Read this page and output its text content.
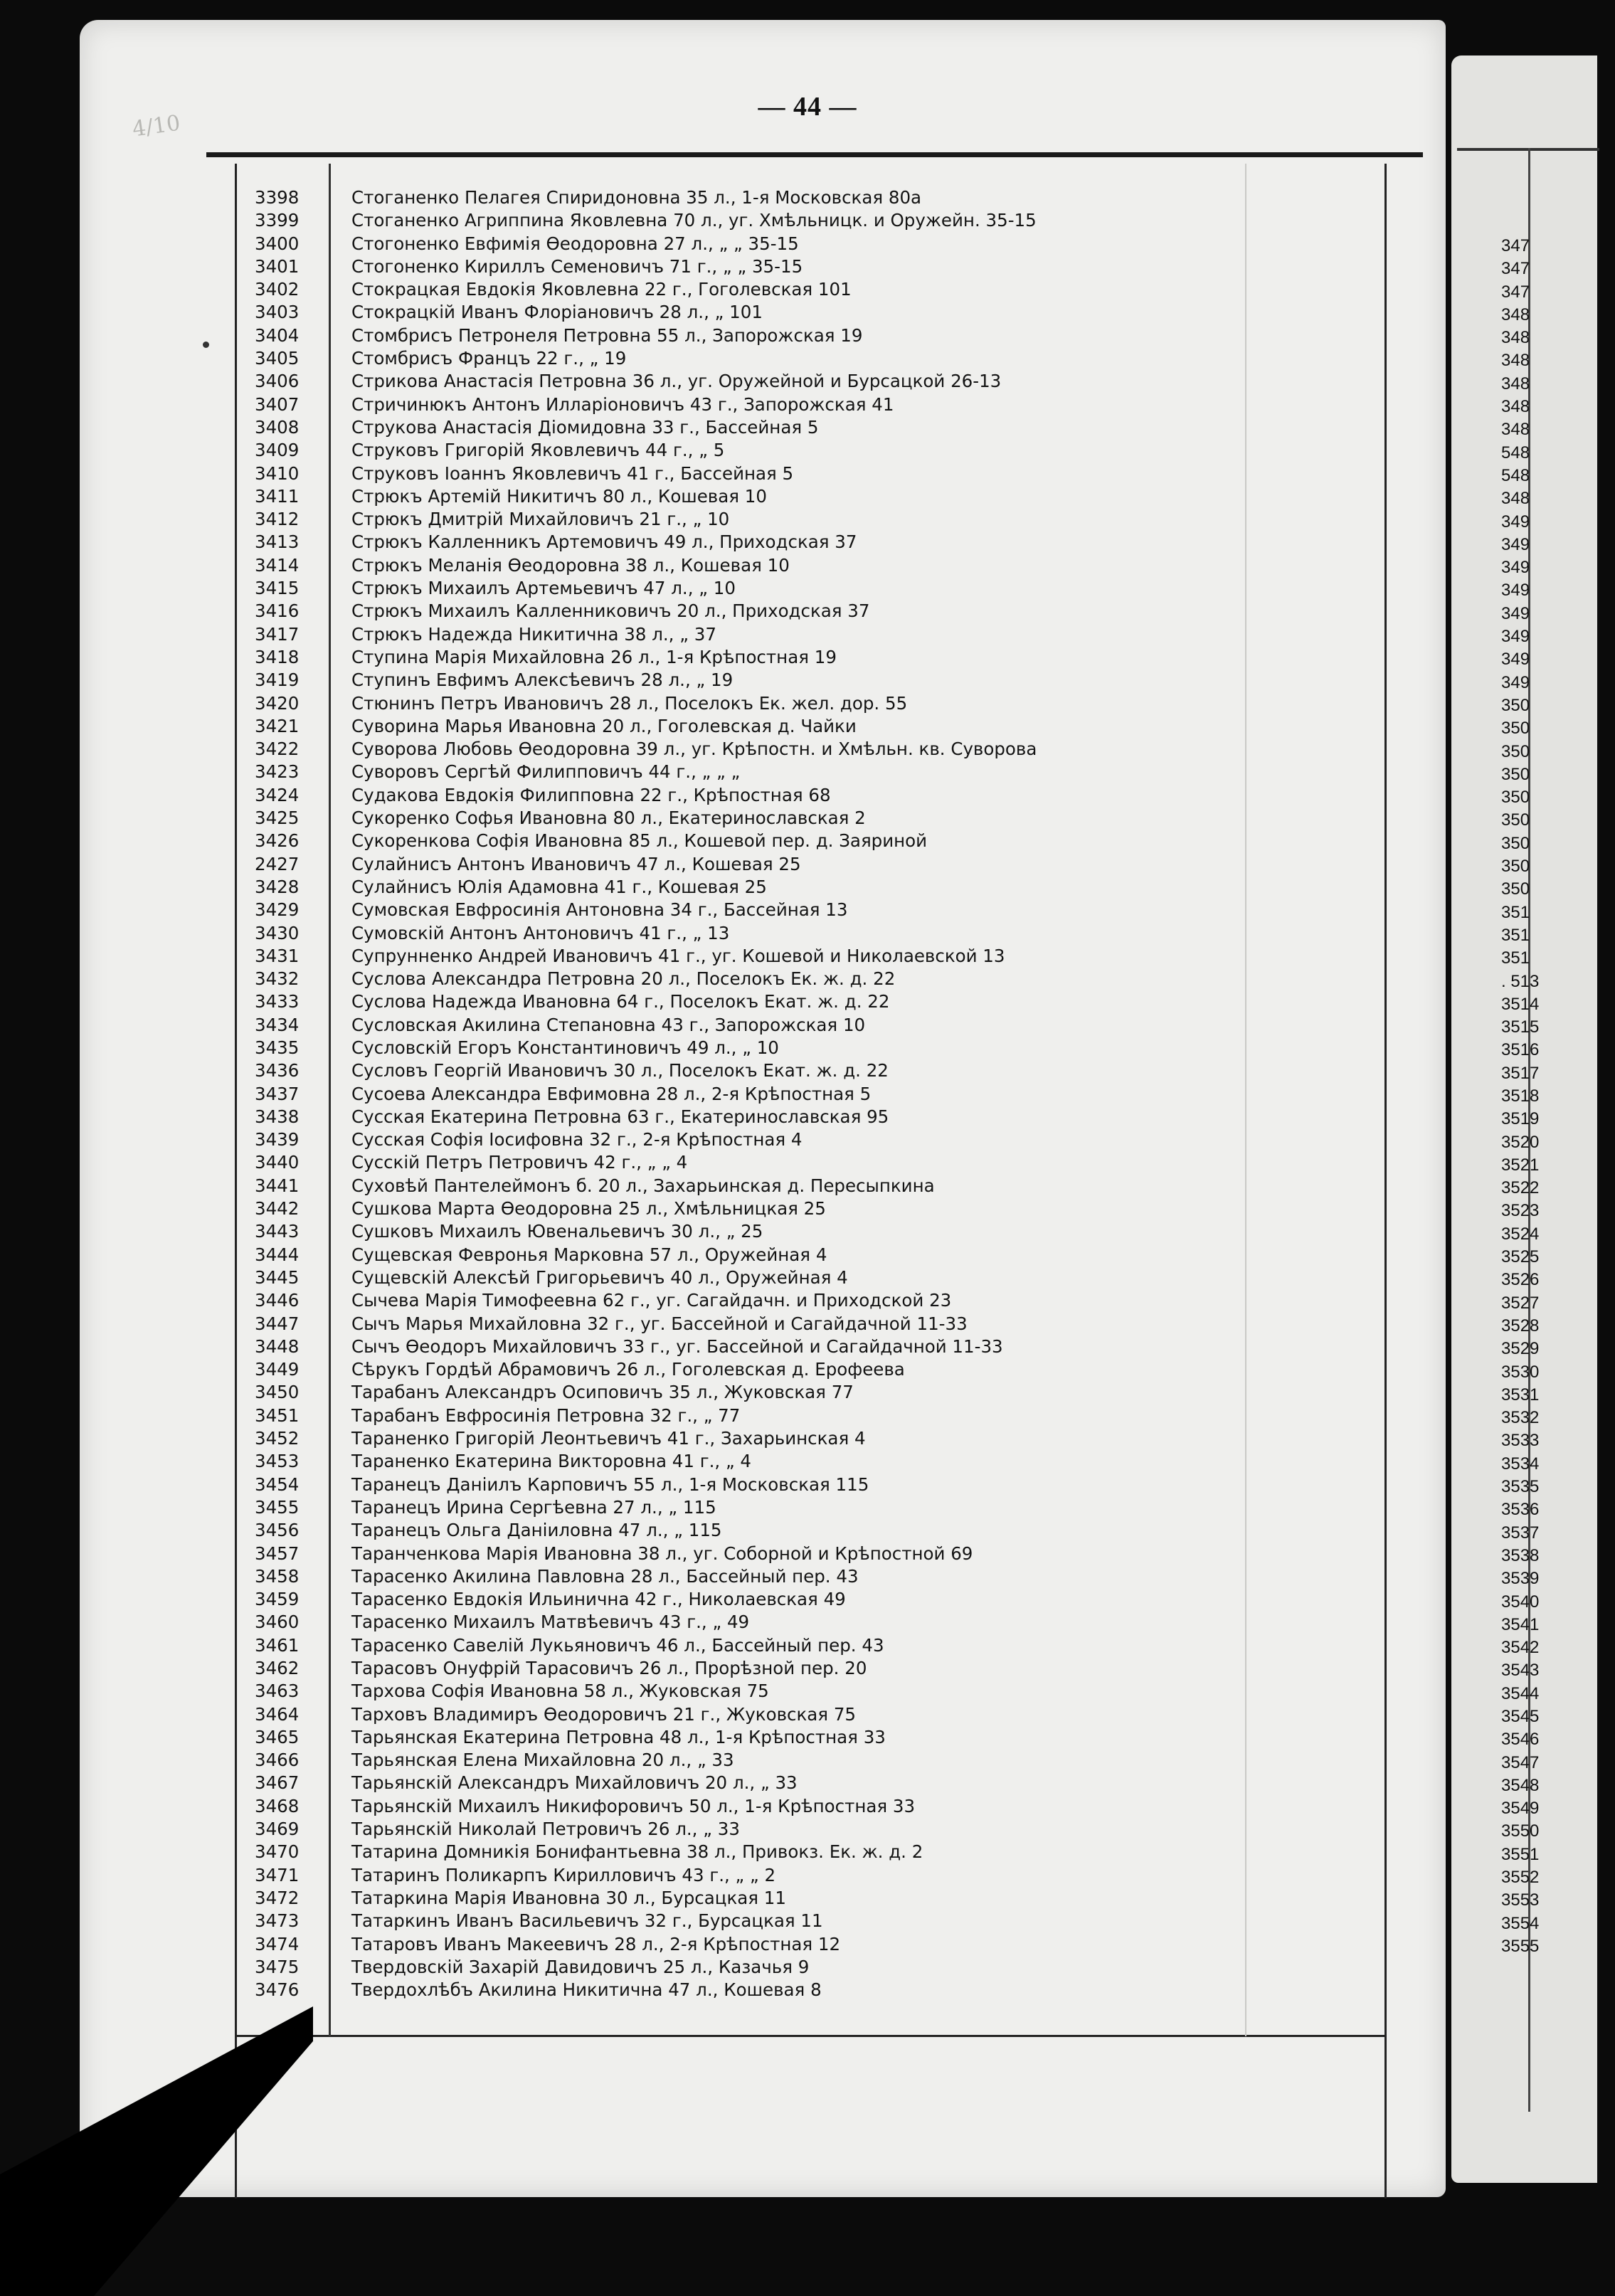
347
347
347
348
348
348
348
348
348
548
548
348
349
349
349
349
349
349
349
349
350
350
350
350
350
350
350
350
350
351
351
351
. 513
3514
3515
3516
3517
3518
3519
3520
3521
3522
3523
3524
3525
3526
3527
3528
3529
3530
3531
3532
3533
3534
3535
3536
3537
3538
3539
3540
3541
3542
3543
3544
3545
3546
3547
3548
3549
3550
3551
3552
3553
3554
3555
4/10
— 44 —
3398	Стоганенко Пелагея Спиридоновна 35 л., 1-я Московская 80а
3399	Стоганенко Агриппина Яковлевна 70 л., уг. Хмѣльницк. и Оружейн. 35-15
3400	Стогоненко Евфимія Ѳеодоровна 27 л., „ „ 35-15
3401	Стогоненко Кириллъ Семеновичъ 71 г., „ „ 35-15
3402	Стокрацкая Евдокія Яковлевна 22 г., Гоголевская 101
3403	Стокрацкій Иванъ Флоріановичъ 28 л., „ 101
3404	Стомбрисъ Петронеля Петровна 55 л., Запорожская 19
3405	Стомбрисъ Францъ 22 г., „ 19
3406	Стрикова Анастасія Петровна 36 л., уг. Оружейной и Бурсацкой 26-13
3407	Стричинюкъ Антонъ Илларіоновичъ 43 г., Запорожская 41
3408	Струкова Анастасія Діомидовна 33 г., Бассейная 5
3409	Струковъ Григорій Яковлевичъ 44 г., „ 5
3410	Струковъ Іоаннъ Яковлевичъ 41 г., Бассейная 5
3411	Стрюкъ Артемій Никитичъ 80 л., Кошевая 10
3412	Стрюкъ Дмитрій Михайловичъ 21 г., „ 10
3413	Стрюкъ Калленникъ Артемовичъ 49 л., Приходская 37
3414	Стрюкъ Меланія Ѳеодоровна 38 л., Кошевая 10
3415	Стрюкъ Михаилъ Артемьевичъ 47 л., „ 10
3416	Стрюкъ Михаилъ Калленниковичъ 20 л., Приходская 37
3417	Стрюкъ Надежда Никитична 38 л., „ 37
3418	Ступина Марія Михайловна 26 л., 1-я Крѣпостная 19
3419	Ступинъ Евфимъ Алексѣевичъ 28 л., „ 19
3420	Стюнинъ Петръ Ивановичъ 28 л., Поселокъ Ек. жел. дор. 55
3421	Суворина Марья Ивановна 20 л., Гоголевская д. Чайки
3422	Суворова Любовь Ѳеодоровна 39 л., уг. Крѣпостн. и Хмѣльн. кв. Суворова
3423	Суворовъ Сергѣй Филипповичъ 44 г., „ „ „
3424	Судакова Евдокія Филипповна 22 г., Крѣпостная 68
3425	Сукоренко Софья Ивановна 80 л., Екатеринославская 2
3426	Сукоренкова Софія Ивановна 85 л., Кошевой пер. д. Заяриной
2427	Сулайнисъ Антонъ Ивановичъ 47 л., Кошевая 25
3428	Сулайнисъ Юлія Адамовна 41 г., Кошевая 25
3429	Сумовская Евфросинія Антоновна 34 г., Бассейная 13
3430	Сумовскій Антонъ Антоновичъ 41 г., „ 13
3431	Супрунненко Андрей Ивановичъ 41 г., уг. Кошевой и Николаевской 13
3432	Суслова Александра Петровна 20 л., Поселокъ Ек. ж. д. 22
3433	Суслова Надежда Ивановна 64 г., Поселокъ Екат. ж. д. 22
3434	Сусловская Акилина Степановна 43 г., Запорожская 10
3435	Сусловскій Егоръ Константиновичъ 49 л., „ 10
3436	Сусловъ Георгій Ивановичъ 30 л., Поселокъ Екат. ж. д. 22
3437	Сусоева Александра Евфимовна 28 л., 2-я Крѣпостная 5
3438	Сусская Екатерина Петровна 63 г., Екатеринославская 95
3439	Сусская Софія Іосифовна 32 г., 2-я Крѣпостная 4
3440	Сусскій Петръ Петровичъ 42 г., „ „ 4
3441	Суховѣй Пантелеймонъ б. 20 л., Захарьинская д. Пересыпкина
3442	Сушкова Марта Ѳеодоровна 25 л., Хмѣльницкая 25
3443	Сушковъ Михаилъ Ювенальевичъ 30 л., „ 25
3444	Сущевская Февронья Марковна 57 л., Оружейная 4
3445	Сущевскій Алексѣй Григорьевичъ 40 л., Оружейная 4
3446	Сычева Марія Тимофеевна 62 г., уг. Сагайдачн. и Приходской 23
3447	Сычъ Марья Михайловна 32 г., уг. Бассейной и Сагайдачной 11-33
3448	Сычъ Ѳеодоръ Михайловичъ 33 г., уг. Бассейной и Сагайдачной 11-33
3449	Сѣрукъ Гордѣй Абрамовичъ 26 л., Гоголевская д. Ерофеева
3450	Тарабанъ Александръ Осиповичъ 35 л., Жуковская 77
3451	Тарабанъ Евфросинія Петровна 32 г., „ 77
3452	Тараненко Григорій Леонтьевичъ 41 г., Захарьинская 4
3453	Тараненко Екатерина Викторовна 41 г., „ 4
3454	Таранецъ Даніилъ Карповичъ 55 л., 1-я Московская 115
3455	Таранецъ Ирина Сергѣевна 27 л., „ 115
3456	Таранецъ Ольга Даніиловна 47 л., „ 115
3457	Таранченкова Марія Ивановна 38 л., уг. Соборной и Крѣпостной 69
3458	Тарасенко Акилина Павловна 28 л., Бассейный пер. 43
3459	Тарасенко Евдокія Ильинична 42 г., Николаевская 49
3460	Тарасенко Михаилъ Матвѣевичъ 43 г., „ 49
3461	Тарасенко Савелій Лукьяновичъ 46 л., Бассейный пер. 43
3462	Тарасовъ Онуфрій Тарасовичъ 26 л., Прорѣзной пер. 20
3463	Тархова Софія Ивановна 58 л., Жуковская 75
3464	Тарховъ Владимиръ Ѳеодоровичъ 21 г., Жуковская 75
3465	Тарьянская Екатерина Петровна 48 л., 1-я Крѣпостная 33
3466	Тарьянская Елена Михайловна 20 л., „ 33
3467	Тарьянскій Александръ Михайловичъ 20 л., „ 33
3468	Тарьянскій Михаилъ Никифоровичъ 50 л., 1-я Крѣпостная 33
3469	Тарьянскій Николай Петровичъ 26 л., „ 33
3470	Татарина Домникія Бонифантьевна 38 л., Привокз. Ек. ж. д. 2
3471	Татаринъ Поликарпъ Кирилловичъ 43 г., „ „ 2
3472	Татаркина Марія Ивановна 30 л., Бурсацкая 11
3473	Татаркинъ Иванъ Васильевичъ 32 г., Бурсацкая 11
3474	Татаровъ Иванъ Макеевичъ 28 л., 2-я Крѣпостная 12
3475	Твердовскій Захарій Давидовичъ 25 л., Казачья 9
3476	Твердохлѣбъ Акилина Никитична 47 л., Кошевая 8
